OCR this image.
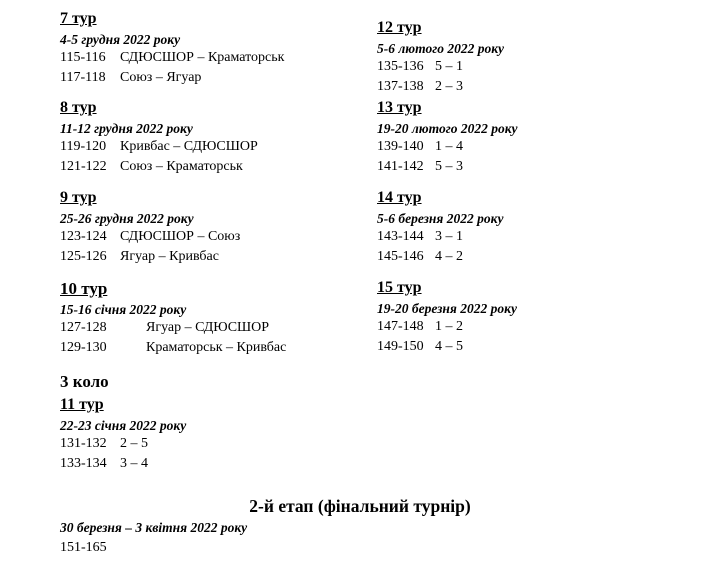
7 тур
4-5 грудня 2022 року
115-116 СДЮСШОР – Краматорськ
117-118 Союз – Ягуар
8 тур
11-12 грудня 2022 року
119-120 Кривбас – СДЮСШОР
121-122 Союз – Краматорськ
9 тур
25-26 грудня 2022 року
123-124 СДЮСШОР – Союз
125-126 Ягуар – Кривбас
10 тур
15-16 січня 2022 року
127-128	Ягуар – СДЮСШОР
129-130	Краматорськ – Кривбас
3 коло
11 тур
22-23 січня 2022 року
131-132 2 – 5
133-134 3 – 4
12 тур
5-6 лютого 2022 року
135-136 5 – 1
137-138 2 – 3
13 тур
19-20 лютого 2022 року
139-140 1 – 4
141-142 5 – 3
14 тур
5-6 березня 2022 року
143-144 3 – 1
145-146 4 – 2
15 тур
19-20 березня 2022 року
147-148 1 – 2
149-150 4 – 5
2-й етап (фінальний турнір)
30 березня – 3 квітня 2022 року
151-165
